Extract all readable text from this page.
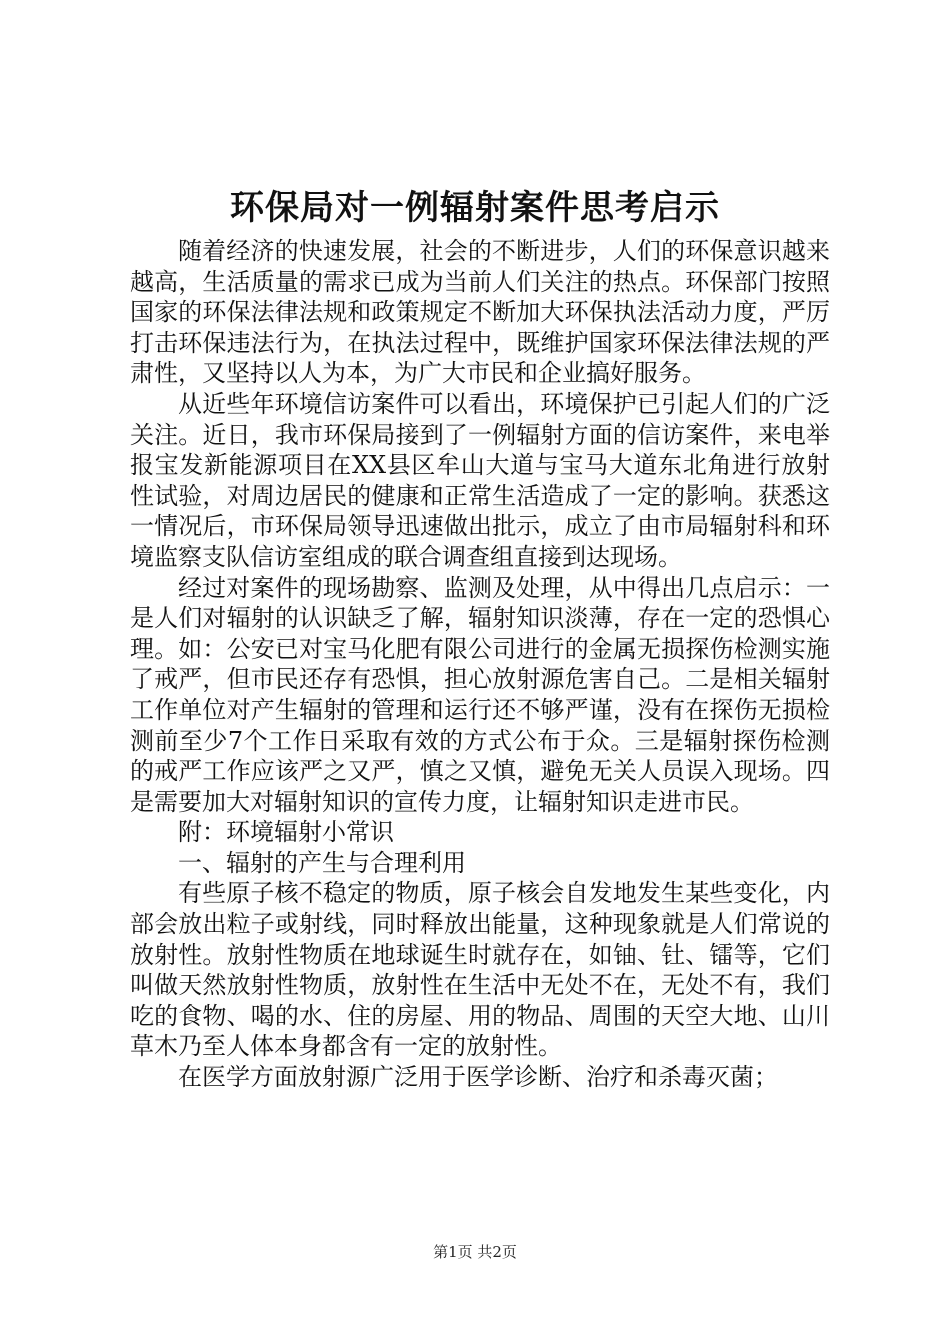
环保局对一例辐射案件思考启示

随着经济的快速发展，社会的不断进步，人们的环保意识越来越高，生活质量的需求已成为当前人们关注的热点。环保部门按照国家的环保法律法规和政策规定不断加大环保执法活动力度，严厉打击环保违法行为，在执法过程中，既维护国家环保法律法规的严肃性，又坚持以人为本，为广大市民和企业搞好服务。

从近些年环境信访案件可以看出，环境保护已引起人们的广泛关注。近日，我市环保局接到了一例辐射方面的信访案件，来电举报宝发新能源项目在XX县区牟山大道与宝马大道东北角进行放射性试验，对周边居民的健康和正常生活造成了一定的影响。获悉这一情况后，市环保局领导迅速做出批示，成立了由市局辐射科和环境监察支队信访室组成的联合调查组直接到达现场。

经过对案件的现场勘察、监测及处理，从中得出几点启示：一是人们对辐射的认识缺乏了解，辐射知识淡薄，存在一定的恐惧心理。如：公安已对宝马化肥有限公司进行的金属无损探伤检测实施了戒严，但市民还存有恐惧，担心放射源危害自己。二是相关辐射工作单位对产生辐射的管理和运行还不够严谨，没有在探伤无损检测前至少7个工作日采取有效的方式公布于众。三是辐射探伤检测的戒严工作应该严之又严，慎之又慎，避免无关人员误入现场。四是需要加大对辐射知识的宣传力度，让辐射知识走进市民。

附：环境辐射小常识

一、辐射的产生与合理利用

有些原子核不稳定的物质，原子核会自发地发生某些变化，内部会放出粒子或射线，同时释放出能量，这种现象就是人们常说的放射性。放射性物质在地球诞生时就存在，如铀、钍、镭等，它们叫做天然放射性物质，放射性在生活中无处不在，无处不有，我们吃的食物、喝的水、住的房屋、用的物品、周围的天空大地、山川草木乃至人体本身都含有一定的放射性。

在医学方面放射源广泛用于医学诊断、治疗和杀毒灭菌；

第1页 共2页
